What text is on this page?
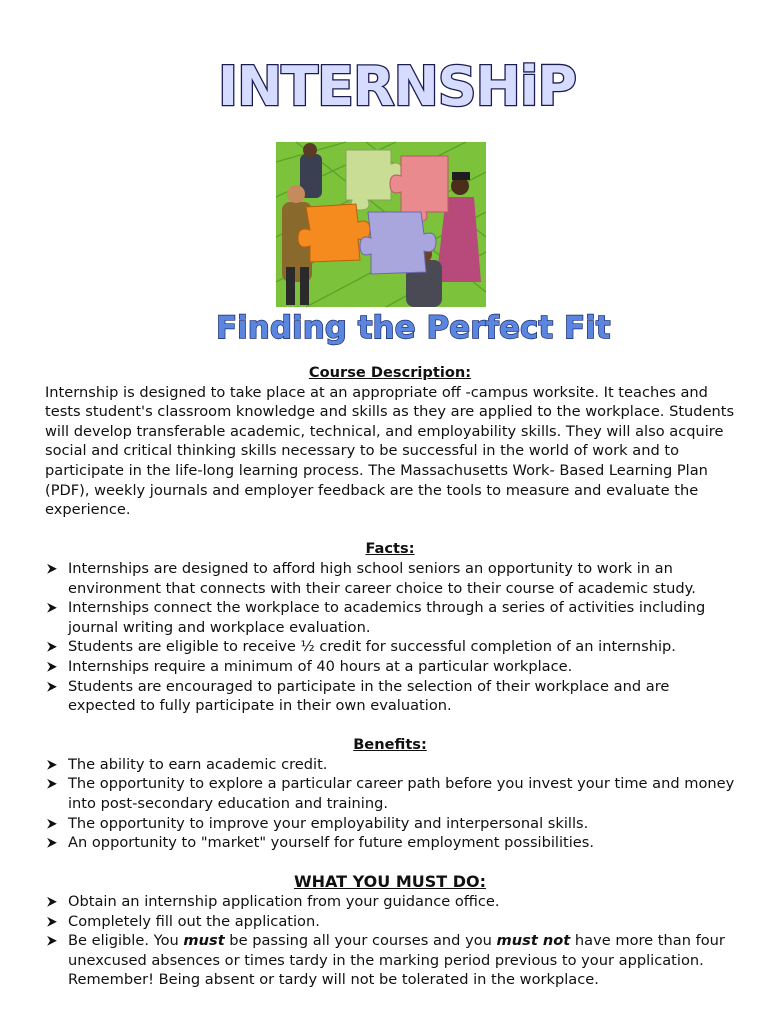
INTERNSHiP
Finding the Perfect Fit

Course Description:

Internship is designed to take place at an appropriate off -campus worksite. It teaches and tests student's classroom knowledge and skills as they are applied to the workplace. Students will develop transferable academic, technical, and employability skills. They will also acquire social and critical thinking skills necessary to be successful in the world of work and to participate in the life-long learning process. The Massachusetts Work- Based Learning Plan (PDF), weekly journals and employer feedback are the tools to measure and evaluate the experience.

Facts:

Internships are designed to afford high school seniors an opportunity to work in an environment that connects with their career choice to their course of academic study.
Internships connect the workplace to academics through a series of activities including journal writing and workplace evaluation.
Students are eligible to receive ½ credit for successful completion of an internship.
Internships require a minimum of 40 hours at a particular workplace.
Students are encouraged to participate in the selection of their workplace and are expected to fully participate in their own evaluation.

Benefits:

The ability to earn academic credit.
The opportunity to explore a particular career path before you invest your time and money into post-secondary education and training.
The opportunity to improve your employability and interpersonal skills.
An opportunity to "market" yourself for future employment possibilities.

WHAT YOU MUST DO:

Obtain an internship application from your guidance office.
Completely fill out the application.
Be eligible. You must be passing all your courses and you must not have more than four unexcused absences or times tardy in the marking period previous to your application. Remember! Being absent or tardy will not be tolerated in the workplace.
